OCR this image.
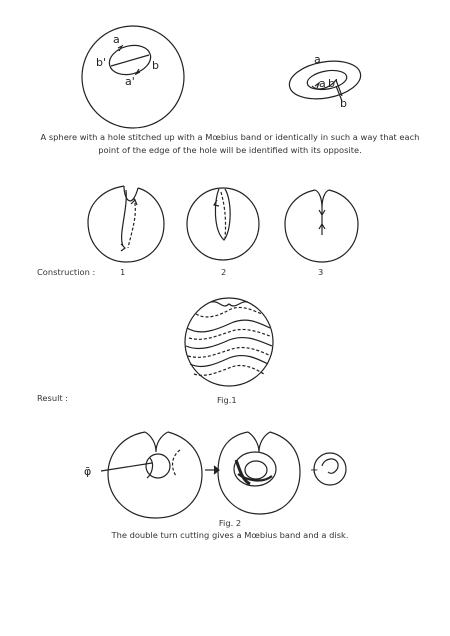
a
b'	b
a'
a
a b'
b
φ̄	+
A sphere with a hole stitched up with a Mœbius band or identically in such a way that each point of the edge of the hole will be identified with its opposite.
Construction :	1	2	3
Result :	Fig.1
Fig. 2
The double turn cutting gives a Mœbius band and a disk.
